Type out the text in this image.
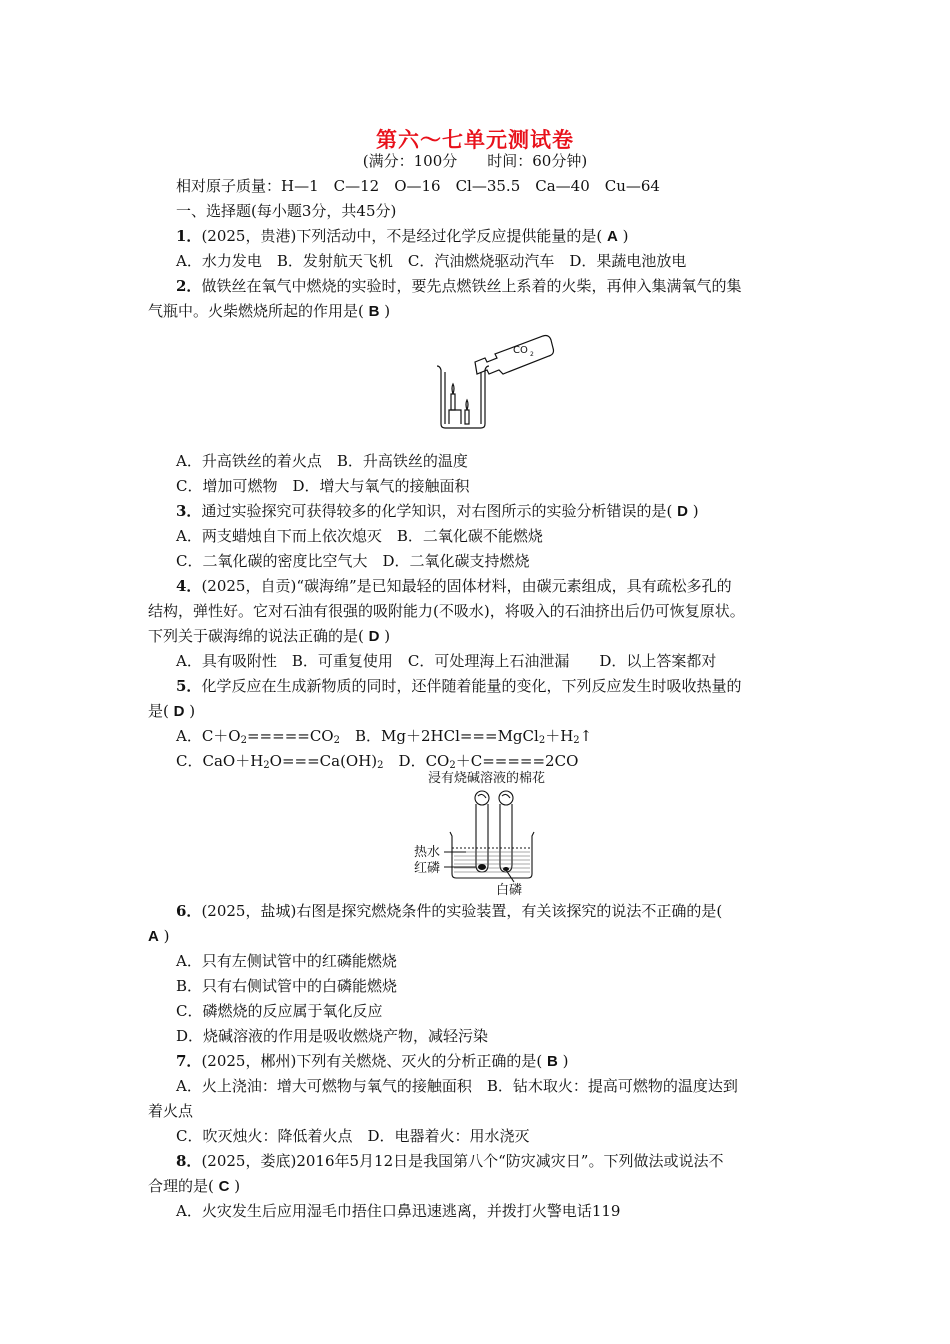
第六～七单元测试卷
(满分：100分　　时间：60分钟)
相对原子质量：H—1　C—12　O—16　Cl—35.5　Ca—40　Cu—64
一、选择题(每小题3分，共45分)
1．(2025，贵港)下列活动中，不是经过化学反应提供能量的是( A )
A．水力发电　B．发射航天飞机　C．汽油燃烧驱动汽车　D．果蔬电池放电
2．做铁丝在氧气中燃烧的实验时，要先点燃铁丝上系着的火柴，再伸入集满氧气的集
气瓶中。火柴燃烧所起的作用是( B )
CO 2
A．升高铁丝的着火点　B．升高铁丝的温度
C．增加可燃物　D．增大与氧气的接触面积
3．通过实验探究可获得较多的化学知识，对右图所示的实验分析错误的是( D )
A．两支蜡烛自下而上依次熄灭　B．二氧化碳不能燃烧
C．二氧化碳的密度比空气大　D．二氧化碳支持燃烧
4．(2025，自贡)“碳海绵”是已知最轻的固体材料，由碳元素组成，具有疏松多孔的
结构，弹性好。它对石油有很强的吸附能力(不吸水)，将吸入的石油挤出后仍可恢复原状。
下列关于碳海绵的说法正确的是( D )
A．具有吸附性　B．可重复使用　C．可处理海上石油泄漏　　D．以上答案都对
5．化学反应在生成新物质的同时，还伴随着能量的变化，下列反应发生时吸收热量的
是( D )
A．$C+O_2=====CO_2$　B．$Mg+2HCl===MgCl_2+H_2↑$
C．$CaO+H_2O===Ca(OH)_2$　D．$CO_2+C=====2CO$
浸有烧碱溶液的棉花
热水
红磷
白磷
6．(2025，盐城)右图是探究燃烧条件的实验装置，有关该探究的说法不正确的是(
A )
A．只有左侧试管中的红磷能燃烧
B．只有右侧试管中的白磷能燃烧
C．磷燃烧的反应属于氧化反应
D．烧碱溶液的作用是吸收燃烧产物，减轻污染
7．(2025，郴州)下列有关燃烧、灭火的分析正确的是( B )
A．火上浇油：增大可燃物与氧气的接触面积　B．钻木取火：提高可燃物的温度达到
着火点
C．吹灭烛火：降低着火点　D．电器着火：用水浇灭
8．(2025，娄底)2016年5月12日是我国第八个“防灾减灾日”。下列做法或说法不
合理的是( C )
A．火灾发生后应用湿毛巾捂住口鼻迅速逃离，并拨打火警电话119
